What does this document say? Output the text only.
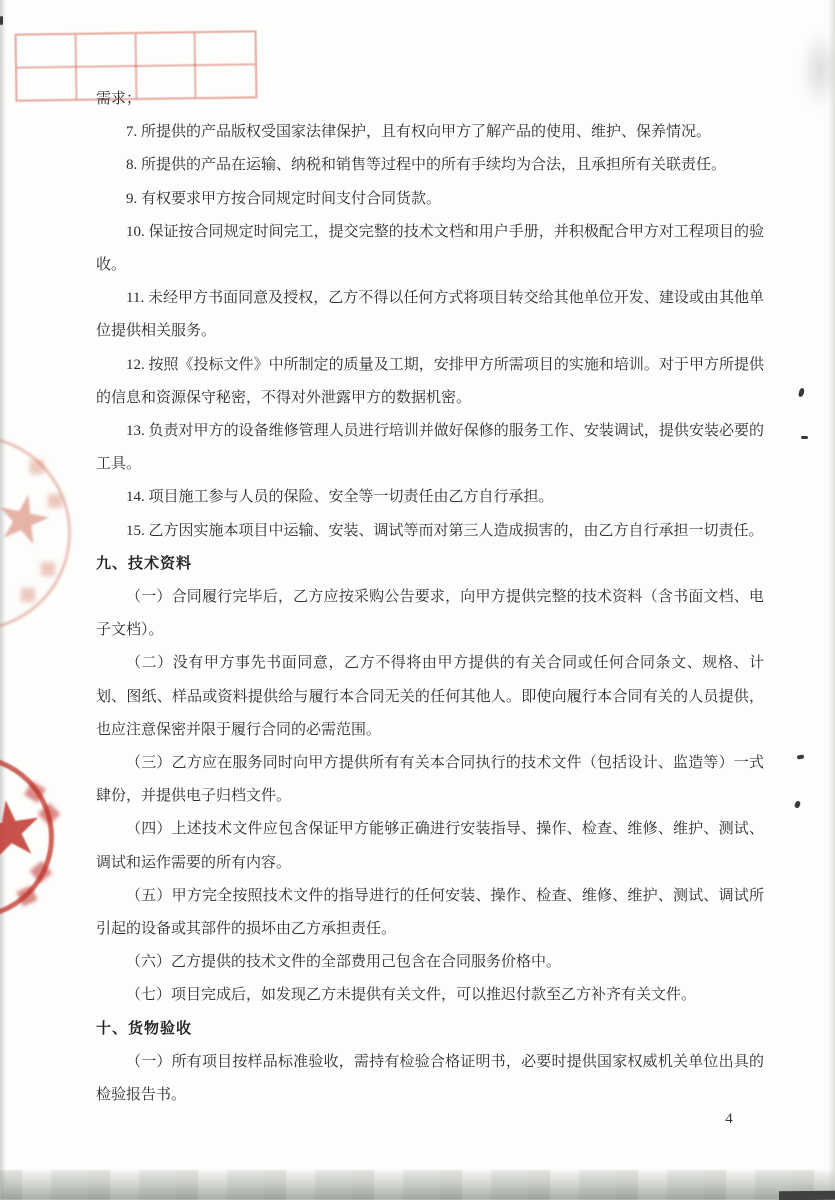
需求；

7. 所提供的产品版权受国家法律保护，且有权向甲方了解产品的使用、维护、保养情况。

8. 所提供的产品在运输、纳税和销售等过程中的所有手续均为合法，且承担所有关联责任。

9. 有权要求甲方按合同规定时间支付合同货款。

10. 保证按合同规定时间完工，提交完整的技术文档和用户手册，并积极配合甲方对工程项目的验收。

11. 未经甲方书面同意及授权，乙方不得以任何方式将项目转交给其他单位开发、建设或由其他单位提供相关服务。

12. 按照《投标文件》中所制定的质量及工期，安排甲方所需项目的实施和培训。对于甲方所提供的信息和资源保守秘密，不得对外泄露甲方的数据机密。

13. 负责对甲方的设备维修管理人员进行培训并做好保修的服务工作、安装调试，提供安装必要的工具。

14. 项目施工参与人员的保险、安全等一切责任由乙方自行承担。

15. 乙方因实施本项目中运输、安装、调试等而对第三人造成损害的，由乙方自行承担一切责任。

九、技术资料

（一）合同履行完毕后，乙方应按采购公告要求，向甲方提供完整的技术资料（含书面文档、电子文档）。

（二）没有甲方事先书面同意，乙方不得将由甲方提供的有关合同或任何合同条文、规格、计划、图纸、样品或资料提供给与履行本合同无关的任何其他人。即使向履行本合同有关的人员提供，也应注意保密并限于履行合同的必需范围。

（三）乙方应在服务同时向甲方提供所有有关本合同执行的技术文件（包括设计、监造等）一式肆份，并提供电子归档文件。

（四）上述技术文件应包含保证甲方能够正确进行安装指导、操作、检查、维修、维护、测试、调试和运作需要的所有内容。

（五）甲方完全按照技术文件的指导进行的任何安装、操作、检查、维修、维护、测试、调试所引起的设备或其部件的损坏由乙方承担责任。

（六）乙方提供的技术文件的全部费用己包含在合同服务价格中。

（七）项目完成后，如发现乙方未提供有关文件，可以推迟付款至乙方补齐有关文件。

十、货物验收

（一）所有项目按样品标准验收，需持有检验合格证明书，必要时提供国家权威机关单位出具的检验报告书。

4
